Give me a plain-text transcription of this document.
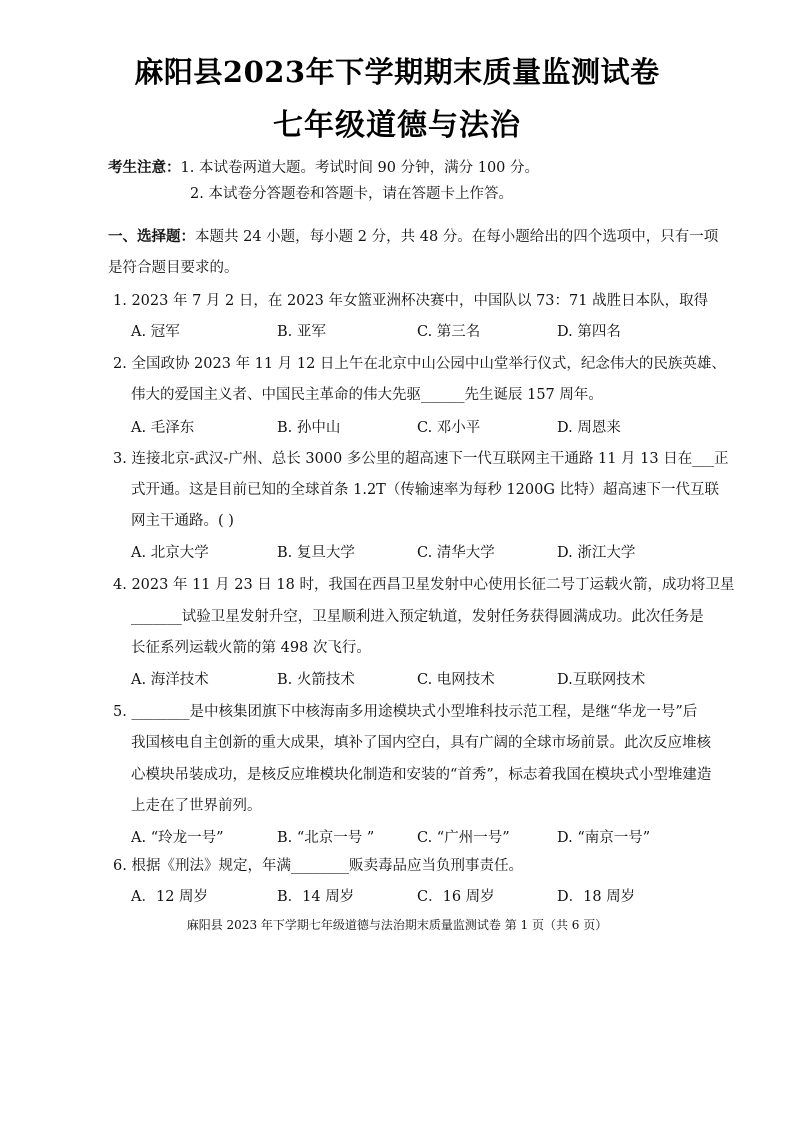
麻阳县2023年下学期期末质量监测试卷
七年级道德与法治
考生注意：1. 本试卷两道大题。考试时间 90 分钟，满分 100 分。
2. 本试卷分答题卷和答题卡，请在答题卡上作答。
一、选择题：本题共 24 小题，每小题 2 分，共 48 分。在每小题给出的四个选项中，只有一项
是符合题目要求的。
1. 2023 年 7 月 2 日，在 2023 年女篮亚洲杯决赛中，中国队以 73：71 战胜日本队，取得
A. 冠军	B. 亚军	C. 第三名	D. 第四名
2. 全国政协 2023 年 11 月 12 日上午在北京中山公园中山堂举行仪式，纪念伟大的民族英雄、
伟大的爱国主义者、中国民主革命的伟大先驱______先生诞辰 157 周年。
A. 毛泽东	B. 孙中山	C. 邓小平	D. 周恩来
3. 连接北京-武汉-广州、总长 3000 多公里的超高速下一代互联网主干通路 11 月 13 日在___正
式开通。这是目前已知的全球首条 1.2T（传输速率为每秒 1200G 比特）超高速下一代互联
网主干通路。( )
A. 北京大学	B. 复旦大学	C. 清华大学	D. 浙江大学
4. 2023 年 11 月 23 日 18 时，我国在西昌卫星发射中心使用长征二号丁运载火箭，成功将卫星
_______试验卫星发射升空，卫星顺利进入预定轨道，发射任务获得圆满成功。此次任务是
长征系列运载火箭的第 498 次飞行。
A. 海洋技术	B. 火箭技术	C. 电网技术	D.互联网技术
5. ________是中核集团旗下中核海南多用途模块式小型堆科技示范工程，是继“华龙一号”后
我国核电自主创新的重大成果，填补了国内空白，具有广阔的全球市场前景。此次反应堆核
心模块吊装成功，是核反应堆模块化制造和安装的“首秀”，标志着我国在模块式小型堆建造
上走在了世界前列。
A. “玲龙一号”	B. “北京一号 ”	C. “广州一号”	D. “南京一号”
6. 根据《刑法》规定，年满________贩卖毒品应当负刑事责任。
A．12 周岁	B．14 周岁	C．16 周岁	D．18 周岁
麻阳县 2023 年下学期七年级道德与法治期末质量监测试卷 第 1 页（共 6 页）
